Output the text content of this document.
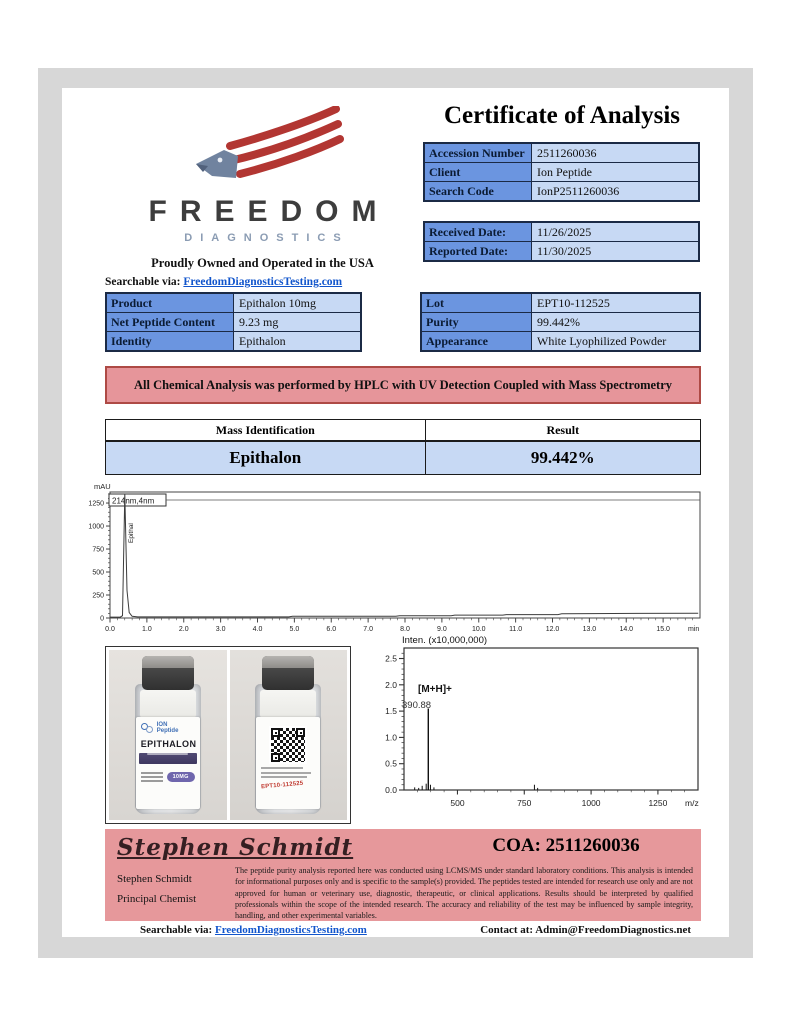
FREEDOM
DIAGNOSTICS
Proudly Owned and Operated in the USA
Searchable via: FreedomDiagnosticsTesting.com
Certificate of Analysis
Accession Number	2511260036
Client	Ion Peptide
Search Code	IonP2511260036
Received Date:	11/26/2025
Reported Date:	11/30/2025
Product	Epithalon 10mg
Net Peptide Content	9.23 mg
Identity	Epithalon
Lot	EPT10-112525
Purity	99.442%
Appearance	White Lyophilized Powder
All Chemical Analysis was performed by HPLC with UV Detection Coupled with Mass Spectrometry
Mass Identification	Result
Epithalon	99.442%
mAU
0
250
500
750
1000
1250
0.0	1.0	2.0	3.0	4.0	5.0	6.0	7.0	8.0	9.0	10.0	11.0	12.0	13.0	14.0	15.0	min
214nm,4nm
Epithal
ION
Peptide
EPITHALON
10MG
EPT10-112525
Inten. (x10,000,000)
0.0
0.5
1.0
1.5
2.0
2.5
500	750	1000	1250 m/z
[M+H]+
390.88
Stephen Schmidt
Stephen Schmidt
Principal Chemist
COA: 2511260036
The peptide purity analysis reported here was conducted using LCMS/MS under standard laboratory conditions. This analysis is intended for informational purposes only and is specific to the sample(s) provided. The peptides tested are intended for research use only and are not approved for human or veterinary use, diagnostic, therapeutic, or clinical applications. Results should be interpreted by qualified professionals within the scope of the intended research. The accuracy and reliability of the test may be influenced by sample integrity, handling, and other experimental variables.
Searchable via: FreedomDiagnosticsTesting.com	Contact at: Admin@FreedomDiagnostics.net
